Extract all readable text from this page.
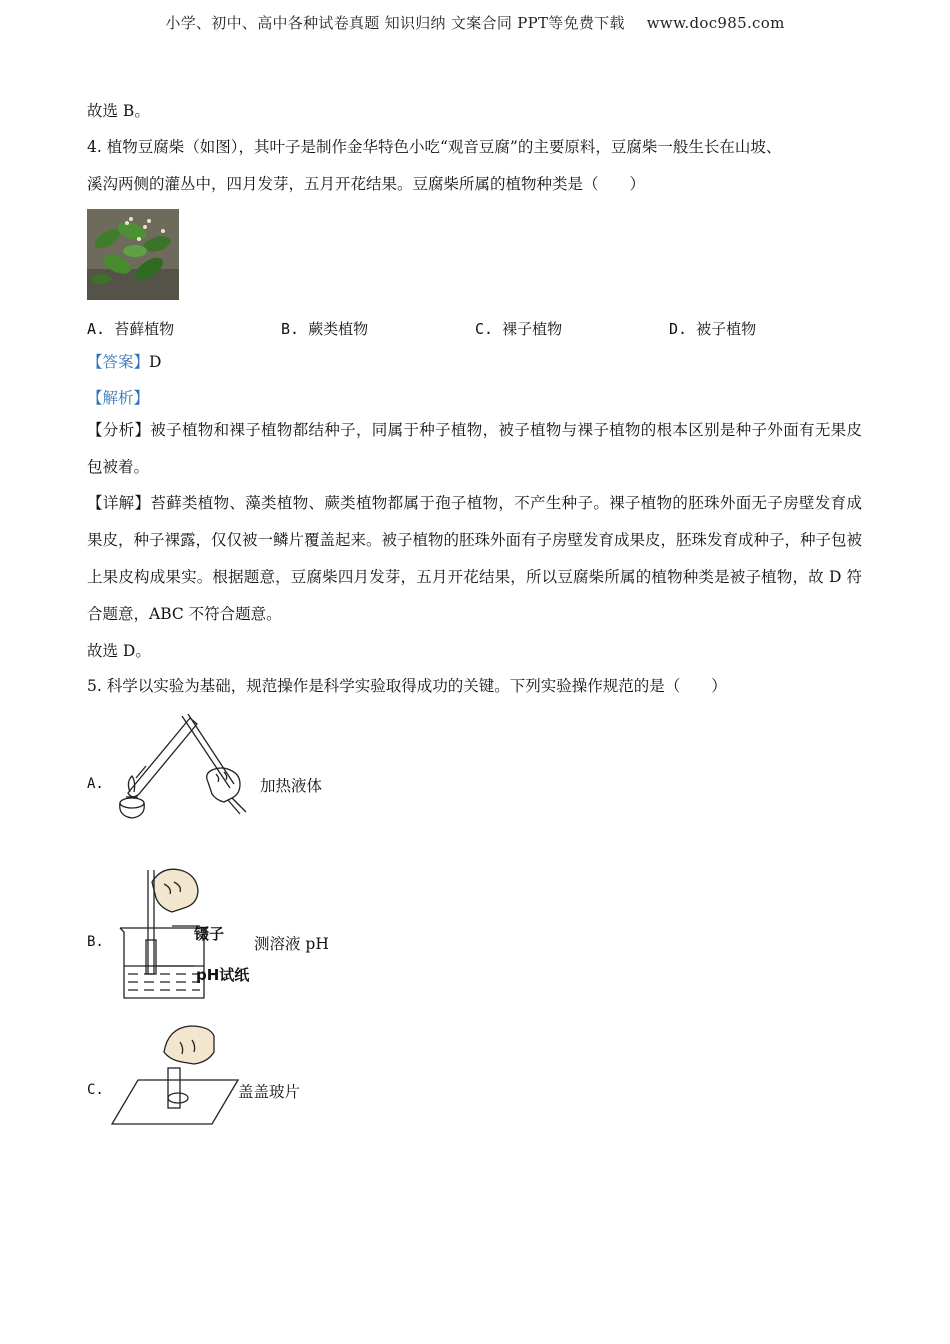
小学、初中、高中各种试卷真题 知识归纳 文案合同 PPT等免费下载 www.doc985.com
故选 B。
4. 植物豆腐柴（如图），其叶子是制作金华特色小吃“观音豆腐”的主要原料，豆腐柴一般生长在山坡、
溪沟两侧的灌丛中，四月发芽，五月开花结果。豆腐柴所属的植物种类是（　　）
A. 苔藓植物	B. 蕨类植物	C. 裸子植物	D. 被子植物
【答案】D
【解析】
【分析】被子植物和裸子植物都结种子，同属于种子植物，被子植物与裸子植物的根本区别是种子外面有无果皮包被着。
【详解】苔藓类植物、藻类植物、蕨类植物都属于孢子植物，不产生种子。裸子植物的胚珠外面无子房壁发育成果皮，种子裸露，仅仅被一鳞片覆盖起来。被子植物的胚珠外面有子房壁发育成果皮，胚珠发育成种子，种子包被上果皮构成果实。根据题意，豆腐柴四月发芽，五月开花结果，所以豆腐柴所属的植物种类是被子植物，故 D 符合题意，ABC 不符合题意。
故选 D。
5. 科学以实验为基础，规范操作是科学实验取得成功的关键。下列实验操作规范的是（　　）
A.	加热液体
B.	镊子
pH试纸
测溶液 pH
C.	盖盖玻片
